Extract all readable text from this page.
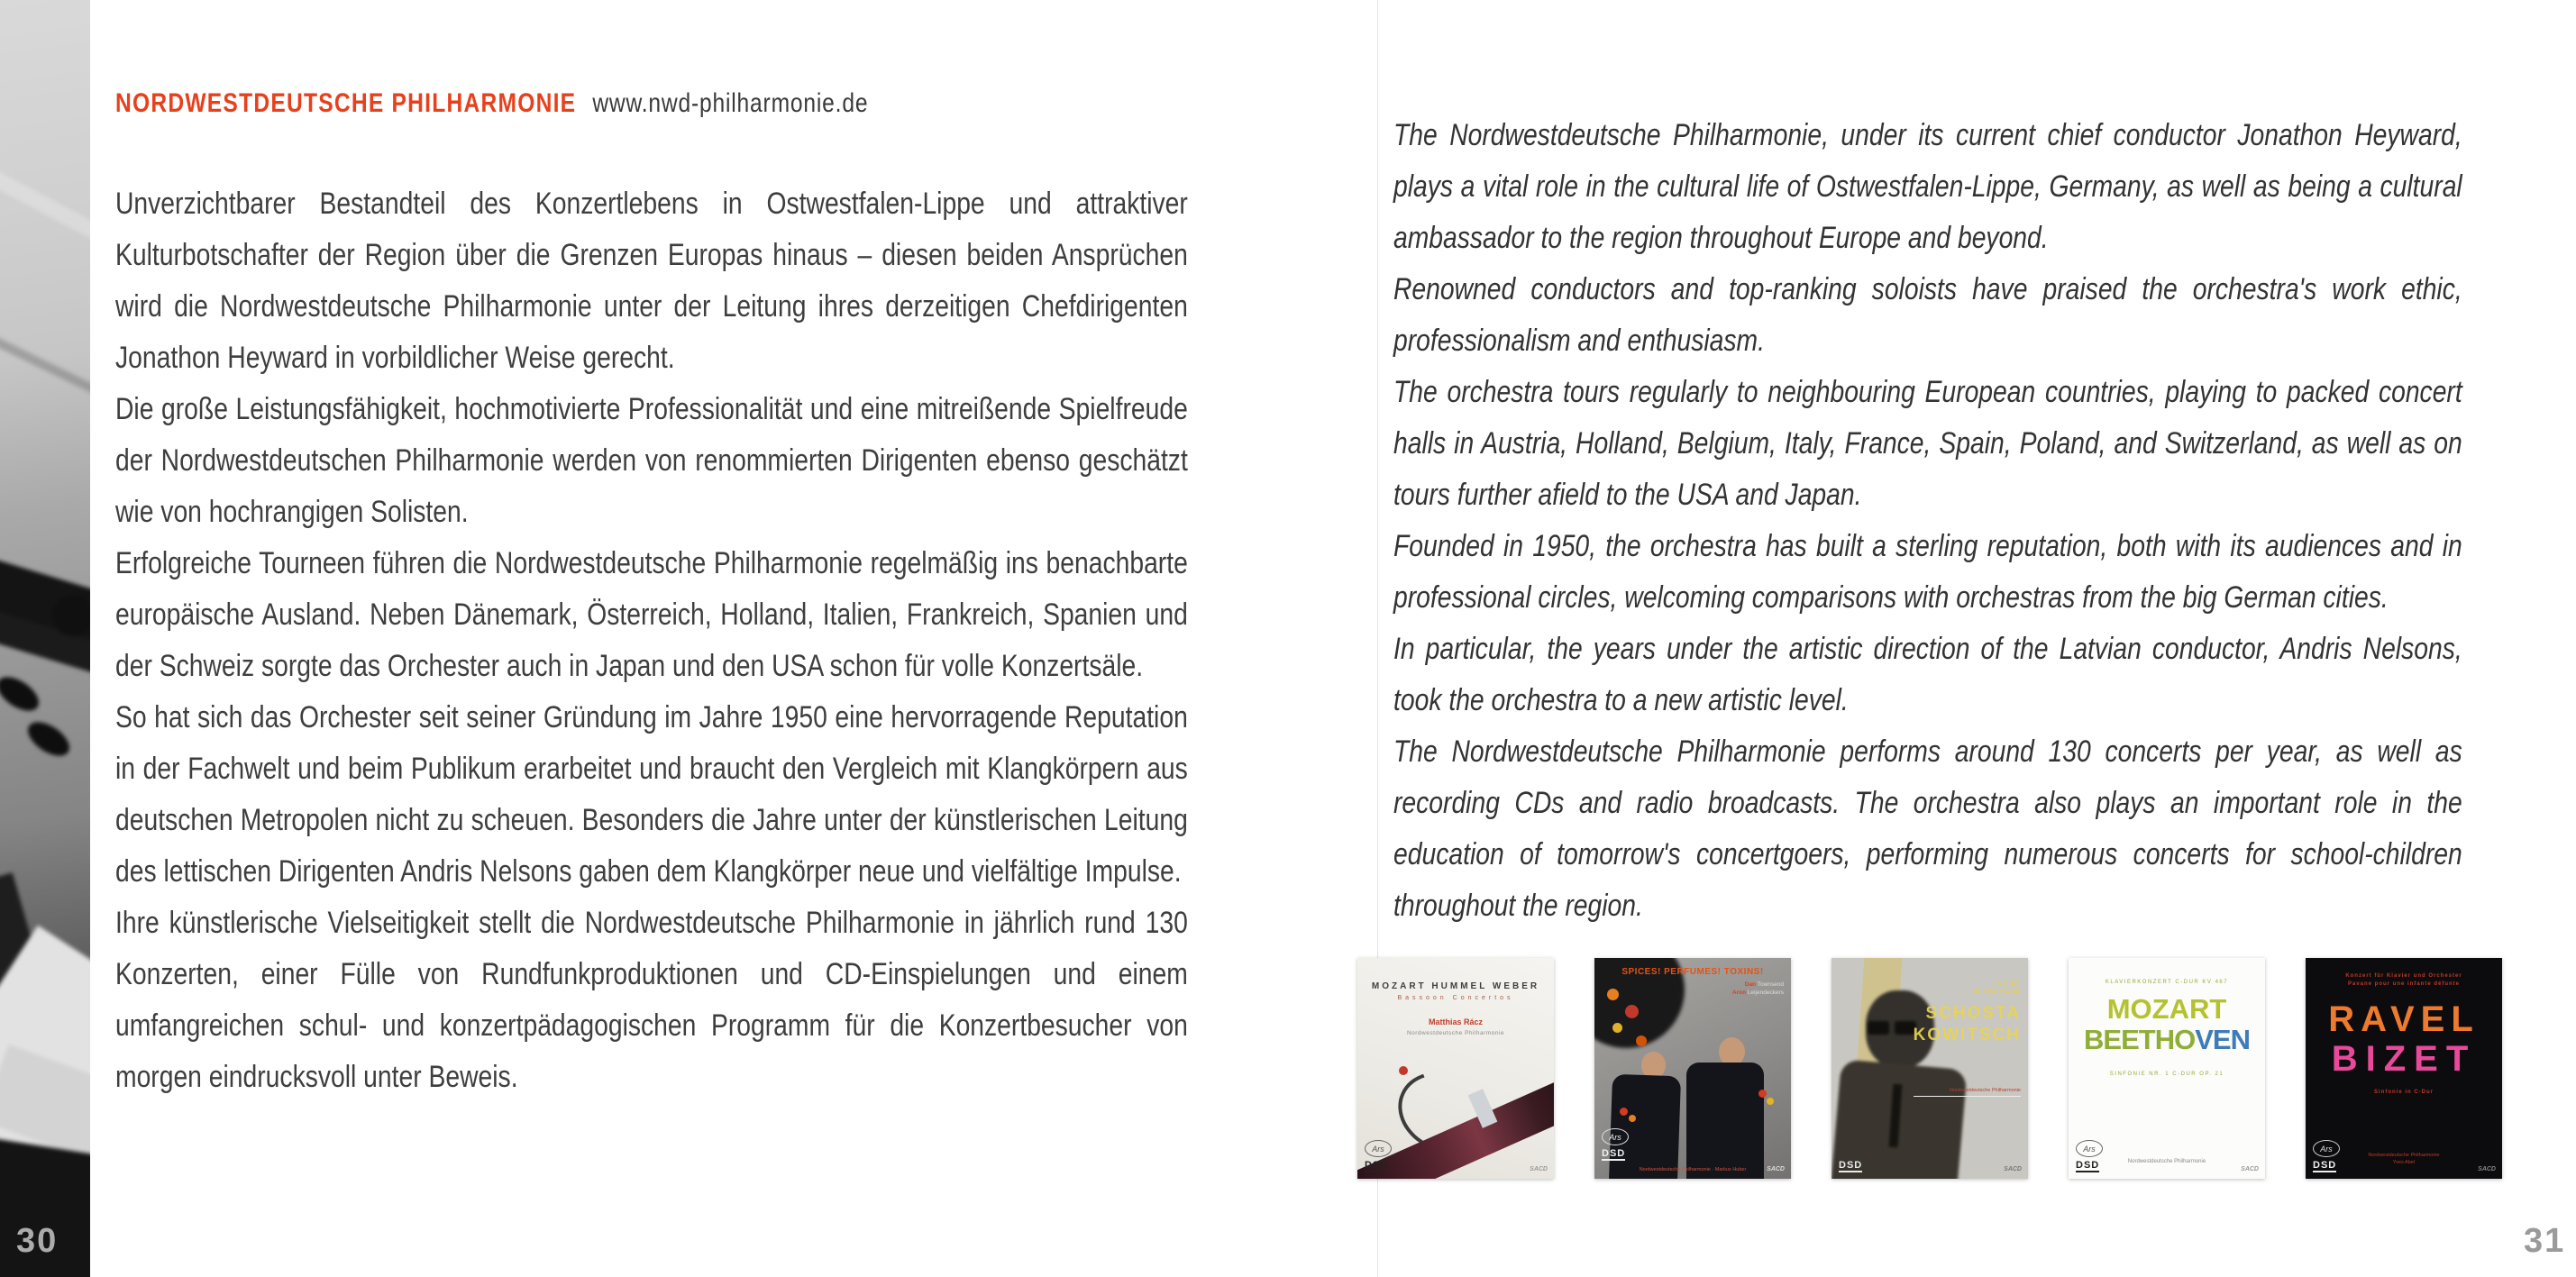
30
NORDWESTDEUTSCHE PHILHARMONIE www.nwd-philharmonie.de

Unverzichtbarer Bestandteil des Konzertlebens in Ostwestfalen-Lippe und attraktiver Kulturbotschafter der Region über die Grenzen Europas hinaus – diesen beiden Ansprüchen wird die Nordwestdeutsche Philharmonie unter der Leitung ihres derzeitigen Chefdirigenten Jonathon Heyward in vorbildlicher Weise gerecht.

Die große Leistungsfähigkeit, hochmotivierte Professionalität und eine mitreißende Spielfreude der Nordwestdeutschen Philharmonie werden von renommierten Dirigenten ebenso geschätzt wie von hochrangigen Solisten.

Erfolgreiche Tourneen führen die Nordwestdeutsche Philharmonie regelmäßig ins benachbarte europäische Ausland. Neben Dänemark, Österreich, Holland, Italien, Frankreich, Spanien und der Schweiz sorgte das Orchester auch in Japan und den USA schon für volle Konzertsäle.

So hat sich das Orchester seit seiner Gründung im Jahre 1950 eine hervorragende Reputation in der Fachwelt und beim Publikum erarbeitet und braucht den Vergleich mit Klangkörpern aus deutschen Metropolen nicht zu scheuen. Besonders die Jahre unter der künstlerischen Leitung des lettischen Dirigenten Andris Nelsons gaben dem Klangkörper neue und vielfältige Impulse.

Ihre künstlerische Vielseitigkeit stellt die Nordwestdeutsche Philharmonie in jährlich rund 130 Konzerten, einer Fülle von Rundfunkproduktionen und CD-Einspielungen und einem umfangreichen schul- und konzertpädagogischen Programm für die Konzertbesucher von morgen eindrucksvoll unter Beweis.

The Nordwestdeutsche Philharmonie, under its current chief conductor Jonathon Heyward, plays a vital role in the cultural life of Ostwestfalen-Lippe, Germany, as well as being a cultural ambassador to the region throughout Europe and beyond.

Renowned conductors and top-ranking soloists have praised the orchestra's work ethic, professionalism and enthusiasm.

The orchestra tours regularly to neighbouring European countries, playing to packed concert halls in Austria, Holland, Belgium, Italy, France, Spain, Poland, and Switzerland, as well as on tours further afield to the USA and Japan.

Founded in 1950, the orchestra has built a sterling reputation, both with its audiences and in professional circles, welcoming comparisons with orchestras from the big German cities.

In particular, the years under the artistic direction of the Latvian conductor, Andris Nelsons, took the orchestra to a new artistic level.

The Nordwestdeutsche Philharmonie performs around 130 concerts per year, as well as recording CDs and radio broadcasts. The orchestra also plays an important role in the education of tomorrow's concertgoers, performing numerous concerts for school-children throughout the region.

MOZART HUMMEL WEBER
Bassoon Concertos
Matthias Rácz
Nordwestdeutsche Philharmonie
Ars
DSD	SACD
SPICES! PERFUMES! TOXINS!
Dan Townsend
Aron Leijendeckers
Ars
DSD
Nordwestdeutsche Philharmonie · Markus Huber	SACD
A FIST
IN THE HAND
SCHOSTA
KOWITSCH
Nordwestdeutsche Philharmonie
DSD	SACD
KLAVIERKONZERT C-DUR KV 467
MOZART
BEETHOVEN
SINFONIE NR. 1 C-DUR OP. 21
Nordwestdeutsche Philharmonie
Ars
DSD	SACD
Konzert für Klavier und Orchester
Pavane pour une infante défunte
RAVEL
BIZET
Sinfonie in C-Dur
Nordwestdeutsche Philharmonie
Yves Abel
Ars
DSD	SACD
31
